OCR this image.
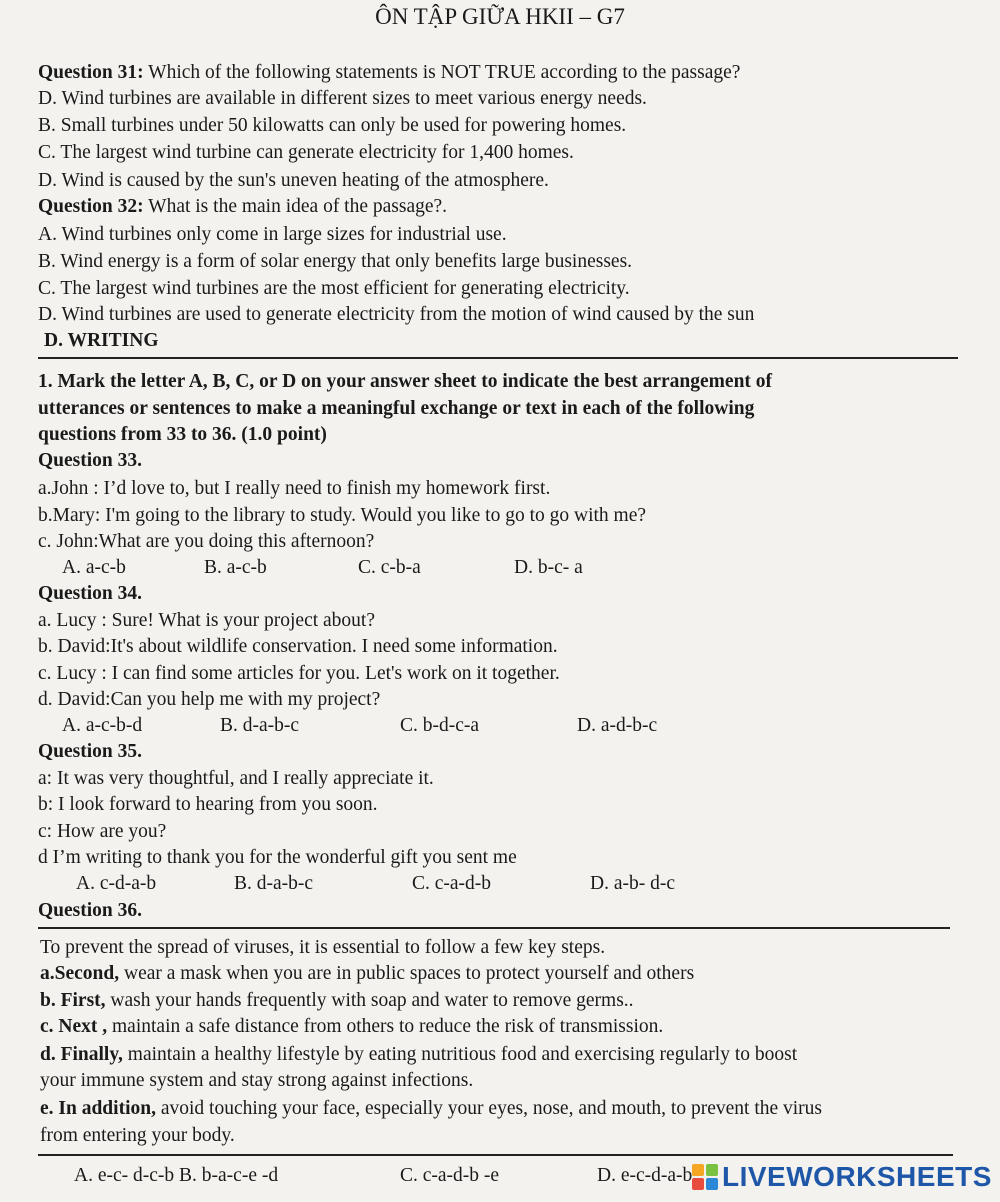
ÔN TẬP GIỮA HKII – G7
Question 31: Which of the following statements is NOT TRUE according to the passage?
D. Wind turbines are available in different sizes to meet various energy needs.
B. Small turbines under 50 kilowatts can only be used for powering homes.
C. The largest wind turbine can generate electricity for 1,400 homes.
D. Wind is caused by the sun's uneven heating of the atmosphere.
Question 32: What is the main idea of the passage?.
A. Wind turbines only come in large sizes for industrial use.
B. Wind energy is a form of solar energy that only benefits large businesses.
C. The largest wind turbines are the most efficient for generating electricity.
D. Wind turbines are used to generate electricity from the motion of wind caused by the sun
D. WRITING
1. Mark the letter A, B, C, or D on your answer sheet to indicate the best arrangement of
utterances or sentences to make a meaningful exchange or text in each of the following
questions from 33 to 36. (1.0 point)
Question 33.
a.John : I’d love to, but I really need to finish my homework first.
b.Mary: I'm going to the library to study. Would you like to go to go with me?
c. John:What are you doing this afternoon?
A. a-c-b	B. a-c-b	C. c-b-a	D. b-c- a
Question 34.
a. Lucy : Sure! What is your project about?
b. David:It's about wildlife conservation. I need some information.
c. Lucy : I can find some articles for you. Let's work on it together.
d. David:Can you help me with my project?
A. a-c-b-d	B. d-a-b-c	C. b-d-c-a	D. a-d-b-c
Question 35.
a: It was very thoughtful, and I really appreciate it.
b: I look forward to hearing from you soon.
c: How are you?
d I’m writing to thank you for the wonderful gift you sent me
A. c-d-a-b	B. d-a-b-c	C. c-a-d-b	D. a-b- d-c
Question 36.
To prevent the spread of viruses, it is essential to follow a few key steps.
a.Second, wear a mask when you are in public spaces to protect yourself and others
b. First, wash your hands frequently with soap and water to remove germs..
c. Next , maintain a safe distance from others to reduce the risk of transmission.
d. Finally, maintain a healthy lifestyle by eating nutritious food and exercising regularly to boost
your immune system and stay strong against infections.
e. In addition, avoid touching your face, especially your eyes, nose, and mouth, to prevent the virus
from entering your body.
A. e-c- d-c-b B. b-a-c-e -d	C. c-a-d-b -e	D. e-c-d-a-b LIVEWORKSHEETS
